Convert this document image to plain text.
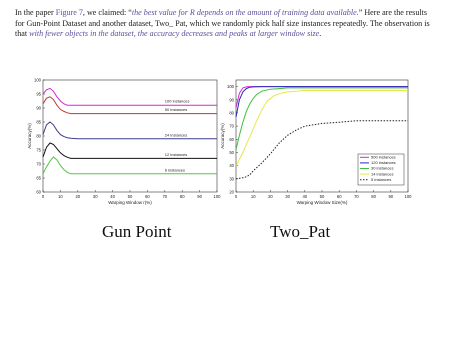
In the paper Figure 7, we claimed: “the best value for R depends on the amount of training data available.” Here are the results for Gun-Point Dataset and another dataset, Two_ Pat, which we randomly pick half size instances repeatedly. The observation is that with fewer objects in the dataset, the accuracy decreases and peaks at larger window size.
0	10	20	30	40	50	60	70	80	90	100
60
65
70
75
80
85
90
95
100
Warping Window r(%)
Accuracy(%)
100 instances
50 instances
24 instances
12 instances
6 instances
0	10	20	30	40	50	60	70	80	90	100
20
30
40
50
60
70
80
90
100
Warping Window Size(%)
Accuracy(%)
500 instances
120 instances
30 instances
14 instances
5 instances
Gun Point	Two_Pat
